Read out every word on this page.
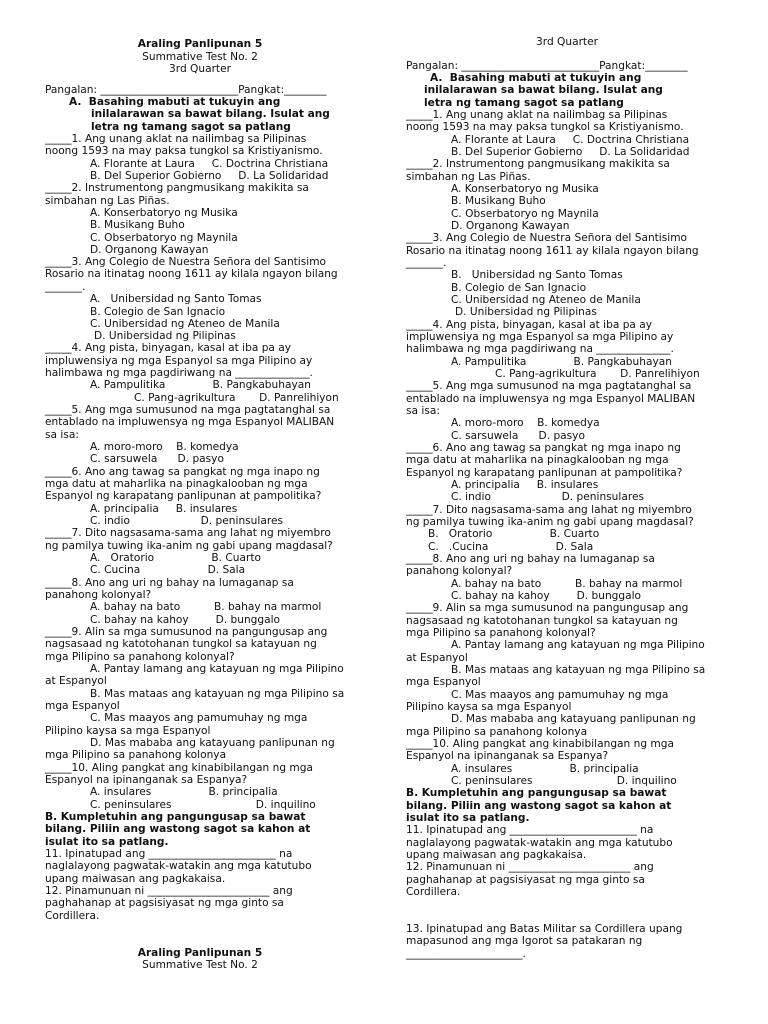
Araling Panlipunan 5
Summative Test No. 2
3rd Quarter
Pangalan: __________________________Pangkat:________
A.  Basahing mabuti at tukuyin ang
inilalarawan sa bawat bilang. Isulat ang
letra ng tamang sagot sa patlang
_____1. Ang unang aklat na nailimbag sa Pilipinas
noong 1593 na may paksa tungkol sa Kristiyanismo.
A. Florante at Laura     C. Doctrina Christiana
B. Del Superior Gobierno     D. La Solidaridad
_____2. Instrumentong pangmusikang makikita sa
simbahan ng Las Piñas.
A. Konserbatoryo ng Musika
B. Musikang Buho
C. Obserbatoryo ng Maynila
D. Organong Kawayan
_____3. Ang Colegio de Nuestra Señora del Santisimo
Rosario na itinatag noong 1611 ay kilala ngayon bilang
_______.
A.   Unibersidad ng Santo Tomas
B. Colegio de San Ignacio
C. Unibersidad ng Ateneo de Manila
D. Unibersidad ng Pilipinas
_____4. Ang pista, binyagan, kasal at iba pa ay
impluwensiya ng mga Espanyol sa mga Pilipino ay
halimbawa ng mga pagdiriwang na ______________.
A. Pampulitika              B. Pangkabuhayan
C. Pang-agrikultura       D. Panrelihiyon
_____5. Ang mga sumusunod na mga pagtatanghal sa
entablado na impluwensya ng mga Espanyol MALIBAN
sa isa:
A. moro-moro    B. komedya
C. sarsuwela      D. pasyo
_____6. Ano ang tawag sa pangkat ng mga inapo ng
mga datu at maharlika na pinagkalooban ng mga
Espanyol ng karapatang panlipunan at pampolitika?
A. principalia     B. insulares
C. indio                     D. peninsulares
_____7. Dito nagsasama-sama ang lahat ng miyembro
ng pamilya tuwing ika-anim ng gabi upang magdasal?
A.   Oratorio                 B. Cuarto
C. Cucina                    D. Sala
_____8. Ano ang uri ng bahay na lumaganap sa
panahong kolonyal?
A. bahay na bato          B. bahay na marmol
C. bahay na kahoy        D. bunggalo
_____9. Alin sa mga sumusunod na pangungusap ang
nagsasaad ng katotohanan tungkol sa katayuan ng
mga Pilipino sa panahong kolonyal?
A. Pantay lamang ang katayuan ng mga Pilipino
at Espanyol
B. Mas mataas ang katayuan ng mga Pilipino sa
mga Espanyol
C. Mas maayos ang pamumuhay ng mga
Pilipino kaysa sa mga Espanyol
D. Mas mababa ang katayuang panlipunan ng
mga Pilipino sa panahong kolonya
_____10. Aling pangkat ang kinabibilangan ng mga
Espanyol na ipinanganak sa Espanya?
A. insulares                 B. principalia
C. peninsulares                         D. inquilino
B. Kumpletuhin ang pangungusap sa bawat
bilang. Piliin ang wastong sagot sa kahon at
isulat ito sa patlang.
11. Ipinatupad ang ________________________ na
naglalayong pagwatak-watakin ang mga katutubo
upang maiwasan ang pagkakaisa.
12. Pinamunuan ni _______________________ ang
paghahanap at pagsisiyasat ng mga ginto sa
Cordillera.
Araling Panlipunan 5
Summative Test No. 2
3rd Quarter
Pangalan: __________________________Pangkat:________
A.  Basahing mabuti at tukuyin ang
inilalarawan sa bawat bilang. Isulat ang
letra ng tamang sagot sa patlang
_____1. Ang unang aklat na nailimbag sa Pilipinas
noong 1593 na may paksa tungkol sa Kristiyanismo.
A. Florante at Laura     C. Doctrina Christiana
B. Del Superior Gobierno     D. La Solidaridad
_____2. Instrumentong pangmusikang makikita sa
simbahan ng Las Piñas.
A. Konserbatoryo ng Musika
B. Musikang Buho
C. Obserbatoryo ng Maynila
D. Organong Kawayan
_____3. Ang Colegio de Nuestra Señora del Santisimo
Rosario na itinatag noong 1611 ay kilala ngayon bilang
_______.
B.   Unibersidad ng Santo Tomas
B. Colegio de San Ignacio
C. Unibersidad ng Ateneo de Manila
D. Unibersidad ng Pilipinas
_____4. Ang pista, binyagan, kasal at iba pa ay
impluwensiya ng mga Espanyol sa mga Pilipino ay
halimbawa ng mga pagdiriwang na ______________.
A. Pampulitika              B. Pangkabuhayan
C. Pang-agrikultura       D. Panrelihiyon
_____5. Ang mga sumusunod na mga pagtatanghal sa
entablado na impluwensya ng mga Espanyol MALIBAN
sa isa:
A. moro-moro    B. komedya
C. sarsuwela      D. pasyo
_____6. Ano ang tawag sa pangkat ng mga inapo ng
mga datu at maharlika na pinagkalooban ng mga
Espanyol ng karapatang panlipunan at pampolitika?
A. principalia     B. insulares
C. indio                     D. peninsulares
_____7. Dito nagsasama-sama ang lahat ng miyembro
ng pamilya tuwing ika-anim ng gabi upang magdasal?
B.   Oratorio                 B. Cuarto
C.   .Cucina                    D. Sala
_____8. Ano ang uri ng bahay na lumaganap sa
panahong kolonyal?
A. bahay na bato          B. bahay na marmol
C. bahay na kahoy        D. bunggalo
_____9. Alin sa mga sumusunod na pangungusap ang
nagsasaad ng katotohanan tungkol sa katayuan ng
mga Pilipino sa panahong kolonyal?
A. Pantay lamang ang katayuan ng mga Pilipino
at Espanyol
B. Mas mataas ang katayuan ng mga Pilipino sa
mga Espanyol
C. Mas maayos ang pamumuhay ng mga
Pilipino kaysa sa mga Espanyol
D. Mas mababa ang katayuang panlipunan ng
mga Pilipino sa panahong kolonya
_____10. Aling pangkat ang kinabibilangan ng mga
Espanyol na ipinanganak sa Espanya?
A. insulares                 B. principalia
C. peninsulares                         D. inquilino
B. Kumpletuhin ang pangungusap sa bawat
bilang. Piliin ang wastong sagot sa kahon at
isulat ito sa patlang.
11. Ipinatupad ang ________________________ na
naglalayong pagwatak-watakin ang mga katutubo
upang maiwasan ang pagkakaisa.
12. Pinamunuan ni _______________________ ang
paghahanap at pagsisiyasat ng mga ginto sa
Cordillera.
13. Ipinatupad ang Batas Militar sa Cordillera upang
mapasunod ang mga Igorot sa patakaran ng
______________________.
